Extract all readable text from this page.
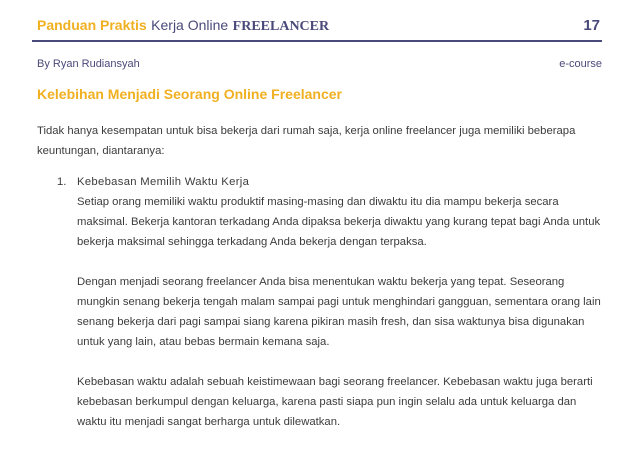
Panduan Praktis Kerja Online FREELANCER	17
By Ryan Rudiansyah	e-course
Kelebihan Menjadi Seorang Online Freelancer
Tidak hanya kesempatan untuk bisa bekerja dari rumah saja, kerja online freelancer juga memiliki beberapa
keuntungan, diantaranya:
1. Kebebasan Memilih Waktu Kerja
Setiap orang memiliki waktu produktif masing-masing dan diwaktu itu dia mampu bekerja secara
maksimal. Bekerja kantoran terkadang Anda dipaksa bekerja diwaktu yang kurang tepat bagi Anda untuk
bekerja maksimal sehingga terkadang Anda bekerja dengan terpaksa.
Dengan menjadi seorang freelancer Anda bisa menentukan waktu bekerja yang tepat. Seseorang
mungkin senang bekerja tengah malam sampai pagi untuk menghindari gangguan, sementara orang lain
senang bekerja dari pagi sampai siang karena pikiran masih fresh, dan sisa waktunya bisa digunakan
untuk yang lain, atau bebas bermain kemana saja.
Kebebasan waktu adalah sebuah keistimewaan bagi seorang freelancer. Kebebasan waktu juga berarti
kebebasan berkumpul dengan keluarga, karena pasti siapa pun ingin selalu ada untuk keluarga dan
waktu itu menjadi sangat berharga untuk dilewatkan.
